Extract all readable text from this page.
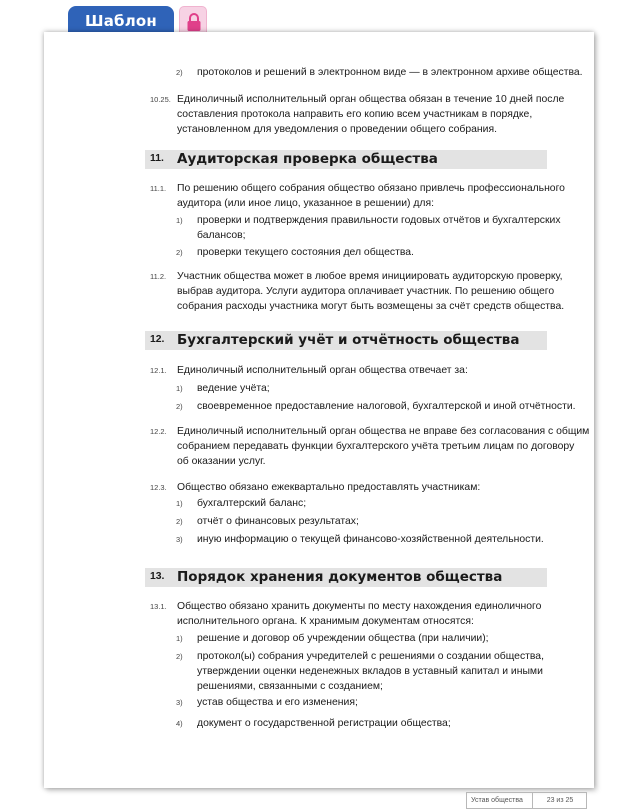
Шаблон
2) протоколов и решений в электронном виде — в электронном архиве общества.
10.25. Единоличный исполнительный орган общества обязан в течение 10 дней после
составления протокола направить его копию всем участникам в порядке,
установленном для уведомления о проведении общего собрания.
11. Аудиторская проверка общества
11.1. По решению общего собрания общество обязано привлечь профессионального
аудитора (или иное лицо, указанное в решении) для:
1) проверки и подтверждения правильности годовых отчётов и бухгалтерских
балансов;
2) проверки текущего состояния дел общества.
11.2. Участник общества может в любое время инициировать аудиторскую проверку,
выбрав аудитора. Услуги аудитора оплачивает участник. По решению общего
собрания расходы участника могут быть возмещены за счёт средств общества.
12. Бухгалтерский учёт и отчётность общества
12.1. Единоличный исполнительный орган общества отвечает за:
1) ведение учёта;
2) своевременное предоставление налоговой, бухгалтерской и иной отчётности.
12.2. Единоличный исполнительный орган общества не вправе без согласования с общим
собранием передавать функции бухгалтерского учёта третьим лицам по договору
об оказании услуг.
12.3. Общество обязано ежеквартально предоставлять участникам:
1) бухгалтерский баланс;
2) отчёт о финансовых результатах;
3) иную информацию о текущей финансово-хозяйственной деятельности.
13. Порядок хранения документов общества
13.1. Общество обязано хранить документы по месту нахождения единоличного
исполнительного органа. К хранимым документам относятся:
1) решение и договор об учреждении общества (при наличии);
2) протокол(ы) собрания учредителей с решениями о создании общества,
утверждении оценки неденежных вкладов в уставный капитал и иными
решениями, связанными с созданием;
3) устав общества и его изменения;
4) документ о государственной регистрации общества;
Устав общества	23 из 25
